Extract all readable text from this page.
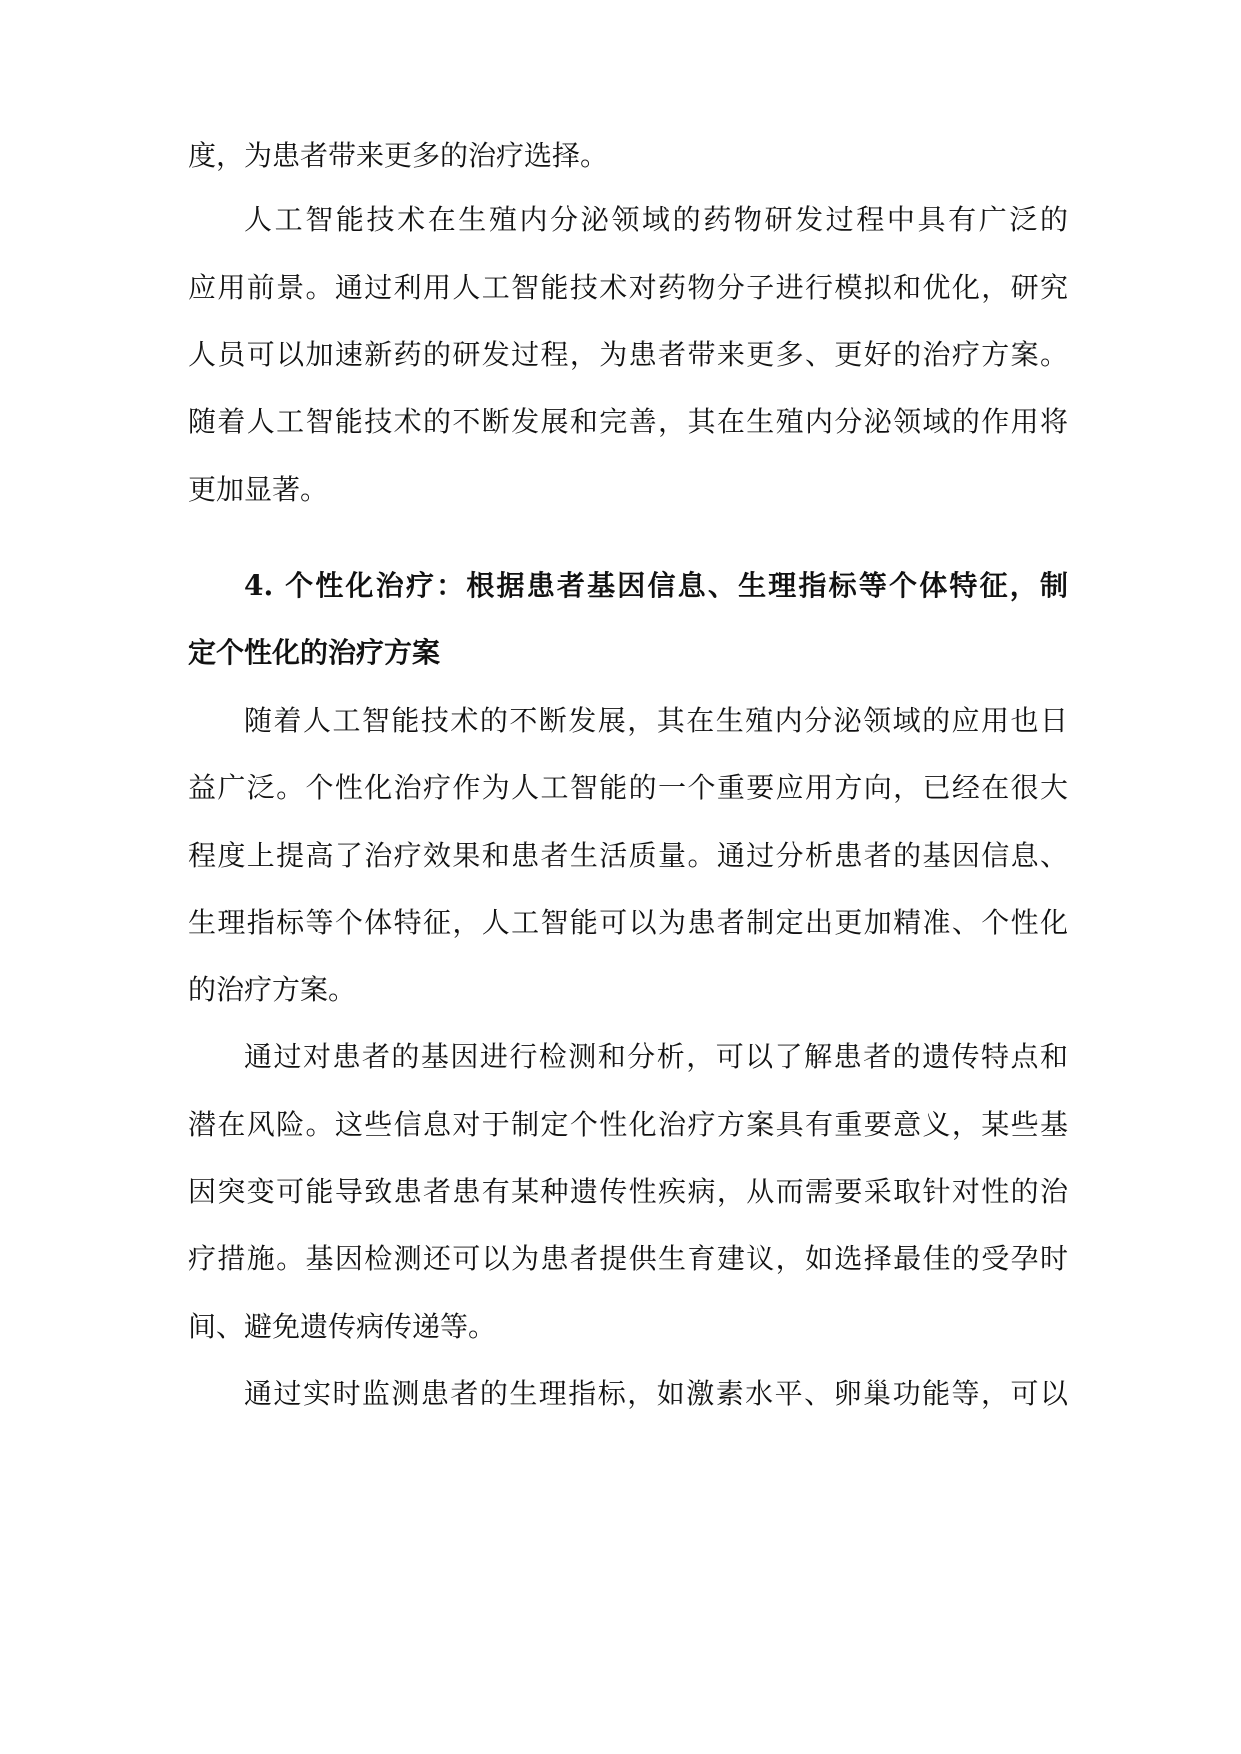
度，为患者带来更多的治疗选择。
人工智能技术在生殖内分泌领域的药物研发过程中具有广泛的
应用前景。通过利用人工智能技术对药物分子进行模拟和优化，研究
人员可以加速新药的研发过程，为患者带来更多、更好的治疗方案。
随着人工智能技术的不断发展和完善，其在生殖内分泌领域的作用将
更加显著。
4. 个性化治疗：根据患者基因信息、生理指标等个体特征，制
定个性化的治疗方案
随着人工智能技术的不断发展，其在生殖内分泌领域的应用也日
益广泛。个性化治疗作为人工智能的一个重要应用方向，已经在很大
程度上提高了治疗效果和患者生活质量。通过分析患者的基因信息、
生理指标等个体特征，人工智能可以为患者制定出更加精准、个性化
的治疗方案。
通过对患者的基因进行检测和分析，可以了解患者的遗传特点和
潜在风险。这些信息对于制定个性化治疗方案具有重要意义，某些基
因突变可能导致患者患有某种遗传性疾病，从而需要采取针对性的治
疗措施。基因检测还可以为患者提供生育建议，如选择最佳的受孕时
间、避免遗传病传递等。
通过实时监测患者的生理指标，如激素水平、卵巢功能等，可以
